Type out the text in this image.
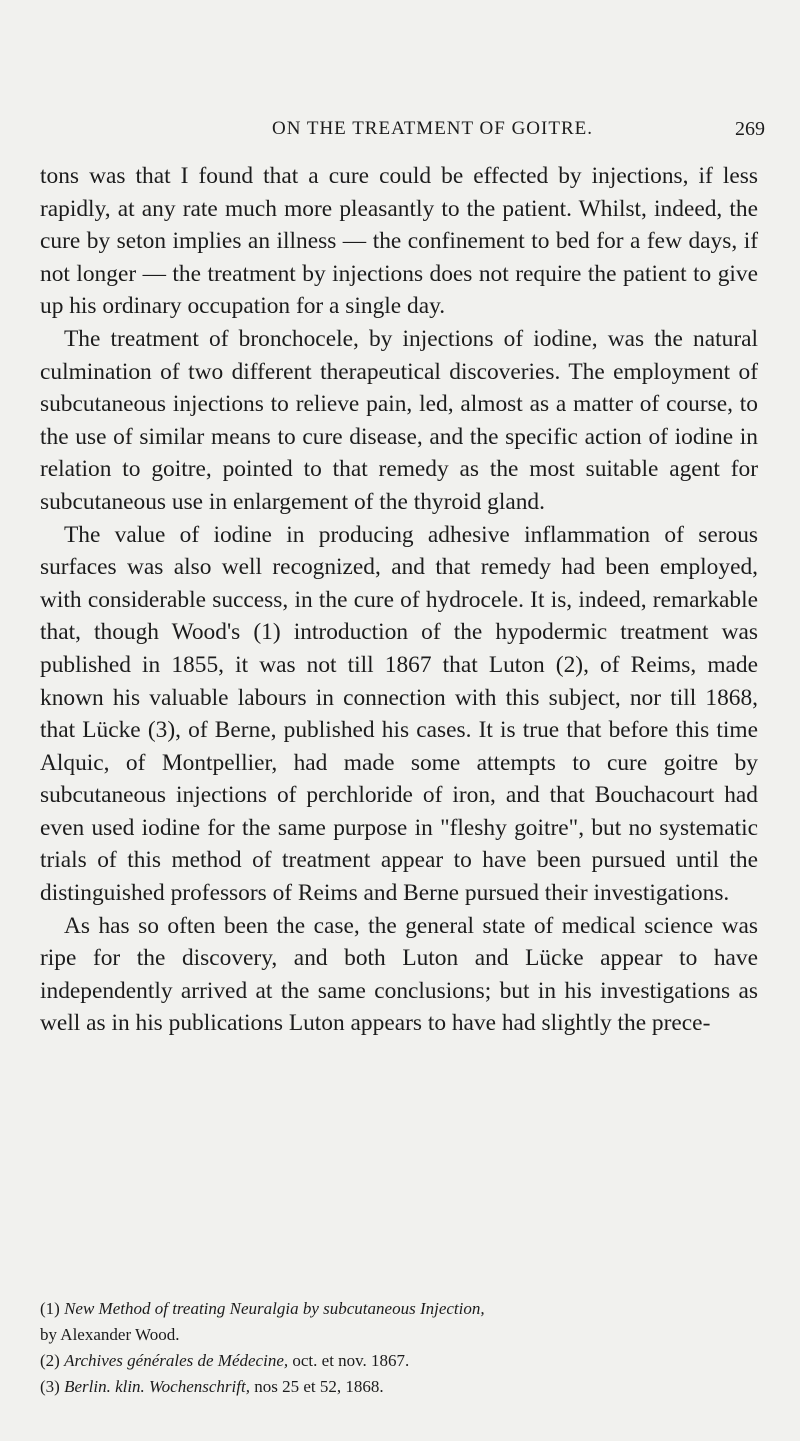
ON THE TREATMENT OF GOITRE.	269

tons was that I found that a cure could be effected by injections, if less rapidly, at any rate much more pleasantly to the patient. Whilst, indeed, the cure by seton implies an illness — the confinement to bed for a few days, if not longer — the treatment by injections does not require the patient to give up his ordinary occupation for a single day.

The treatment of bronchocele, by injections of iodine, was the natural culmination of two different therapeutical discoveries. The employment of subcutaneous injections to relieve pain, led, almost as a matter of course, to the use of similar means to cure disease, and the specific action of iodine in relation to goitre, pointed to that remedy as the most suitable agent for subcutaneous use in enlargement of the thyroid gland.

The value of iodine in producing adhesive inflammation of serous surfaces was also well recognized, and that remedy had been employed, with considerable success, in the cure of hydrocele. It is, indeed, remarkable that, though Wood's (1) introduction of the hypodermic treatment was published in 1855, it was not till 1867 that Luton (2), of Reims, made known his valuable labours in connection with this subject, nor till 1868, that Lücke (3), of Berne, published his cases. It is true that before this time Alquic, of Montpellier, had made some attempts to cure goitre by subcutaneous injections of perchloride of iron, and that Bouchacourt had even used iodine for the same purpose in "fleshy goitre", but no systematic trials of this method of treatment appear to have been pursued until the distinguished professors of Reims and Berne pursued their investigations.

As has so often been the case, the general state of medical science was ripe for the discovery, and both Luton and Lücke appear to have independently arrived at the same conclusions; but in his investigations as well as in his publications Luton appears to have had slightly the prece-

(1) New Method of treating Neuralgia by subcutaneous Injection,
by Alexander Wood.

(2) Archives générales de Médecine, oct. et nov. 1867.

(3) Berlin. klin. Wochenschrift, nos 25 et 52, 1868.
